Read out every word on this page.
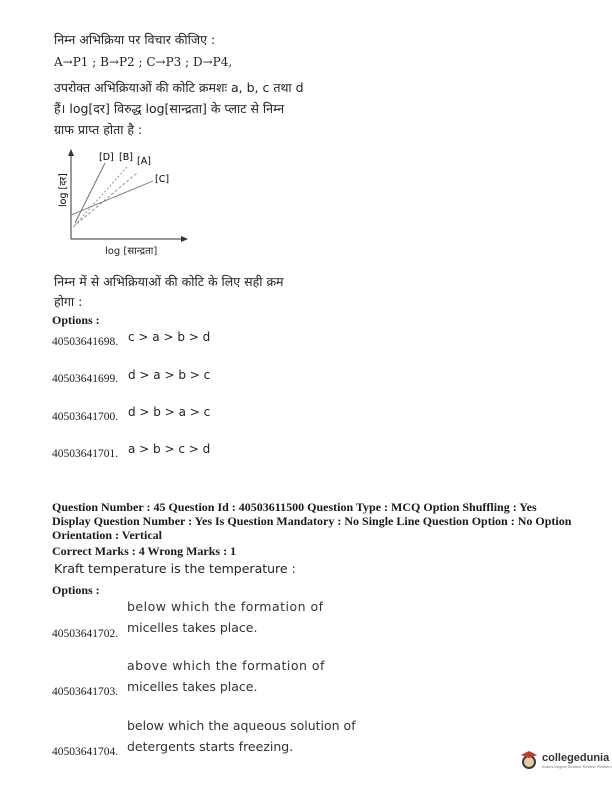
निम्न अभिक्रिया पर विचार कीजिए :
A→P1 ; B→P2 ; C→P3 ; D→P4,
उपरोक्त अभिक्रियाओं की कोटि क्रमशः a, b, c तथा d
हैं। log[दर] विरुद्ध log[सान्द्रता] के प्लाट से निम्न
ग्राफ प्राप्त होता है :
[D] [B] [A]
[C]
log [दर]
log [सान्द्रता]
निम्न में से अभिक्रियाओं की कोटि के लिए सही क्रम
होगा :
Options :
40503641698. c > a > b > d
40503641699. d > a > b > c
40503641700. d > b > a > c
40503641701. a > b > c > d
Question Number : 45 Question Id : 40503611500 Question Type : MCQ Option Shuffling : Yes
Display Question Number : Yes Is Question Mandatory : No Single Line Question Option : No Option
Orientation : Vertical
Correct Marks : 4 Wrong Marks : 1
Kraft temperature is the temperature :
Options :
below which the formation of
micelles takes place.
40503641702.
above which the formation of
micelles takes place.
40503641703.
below which the aqueous solution of
detergents starts freezing.
40503641704.	collegedunia
India's largest Student Review Platform
